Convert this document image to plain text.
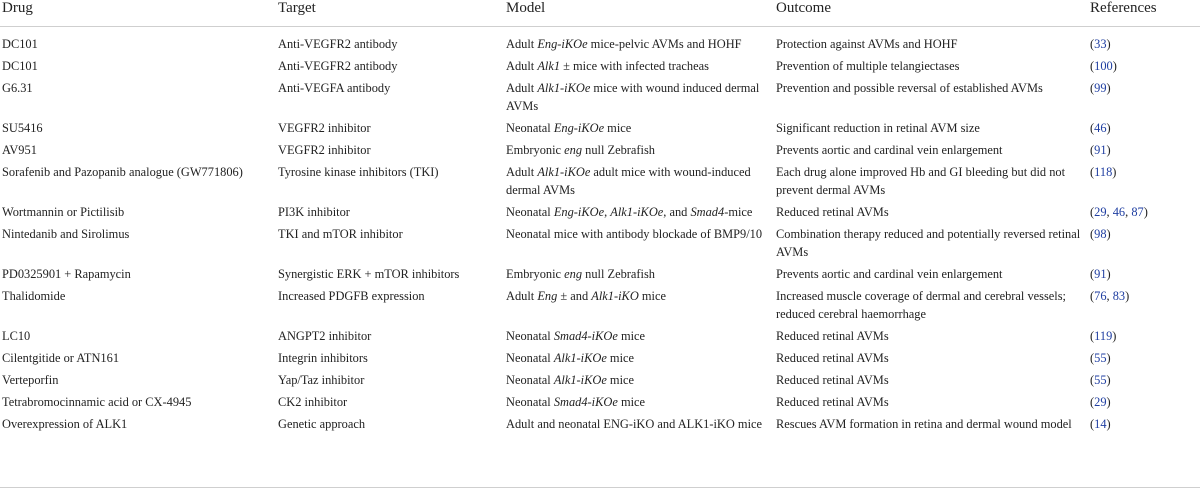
Drug	Target	Model	Outcome	References

DC101	Anti-VEGFR2 antibody	Adult Eng-iKOe mice-pelvic AVMs and HOHF	Protection against AVMs and HOHF	(33)

DC101	Anti-VEGFR2 antibody	Adult Alk1 ± mice with infected tracheas	Prevention of multiple telangiectases	(100)

G6.31	Anti-VEGFA antibody	Adult Alk1-iKOe mice with wound induced dermal AVMs	Prevention and possible reversal of established AVMs	(99)

SU5416	VEGFR2 inhibitor	Neonatal Eng-iKOe mice	Significant reduction in retinal AVM size	(46)

AV951	VEGFR2 inhibitor	Embryonic eng null Zebrafish	Prevents aortic and cardinal vein enlargement	(91)

Sorafenib and Pazopanib analogue (GW771806)	Tyrosine kinase inhibitors (TKI)	Adult Alk1-iKOe adult mice with wound-induced dermal AVMs	Each drug alone improved Hb and GI bleeding but did not prevent dermal AVMs	(118)

Wortmannin or Pictilisib	PI3K inhibitor	Neonatal Eng-iKOe, Alk1-iKOe, and Smad4-mice	Reduced retinal AVMs	(29, 46, 87)

Nintedanib and Sirolimus	TKI and mTOR inhibitor	Neonatal mice with antibody blockade of BMP9/10	Combination therapy reduced and potentially reversed retinal AVMs	(98)

PD0325901 + Rapamycin	Synergistic ERK + mTOR inhibitors	Embryonic eng null Zebrafish	Prevents aortic and cardinal vein enlargement	(91)

Thalidomide	Increased PDGFB expression	Adult Eng ± and Alk1-iKO mice	Increased muscle coverage of dermal and cerebral vessels; reduced cerebral haemorrhage	(76, 83)

LC10	ANGPT2 inhibitor	Neonatal Smad4-iKOe mice	Reduced retinal AVMs	(119)

Cilentgitide or ATN161	Integrin inhibitors	Neonatal Alk1-iKOe mice	Reduced retinal AVMs	(55)

Verteporfin	Yap/Taz inhibitor	Neonatal Alk1-iKOe mice	Reduced retinal AVMs	(55)

Tetrabromocinnamic acid or CX-4945	CK2 inhibitor	Neonatal Smad4-iKOe mice	Reduced retinal AVMs	(29)

Overexpression of ALK1	Genetic approach	Adult and neonatal ENG-iKO and ALK1-iKO mice	Rescues AVM formation in retina and dermal wound model	(14)
